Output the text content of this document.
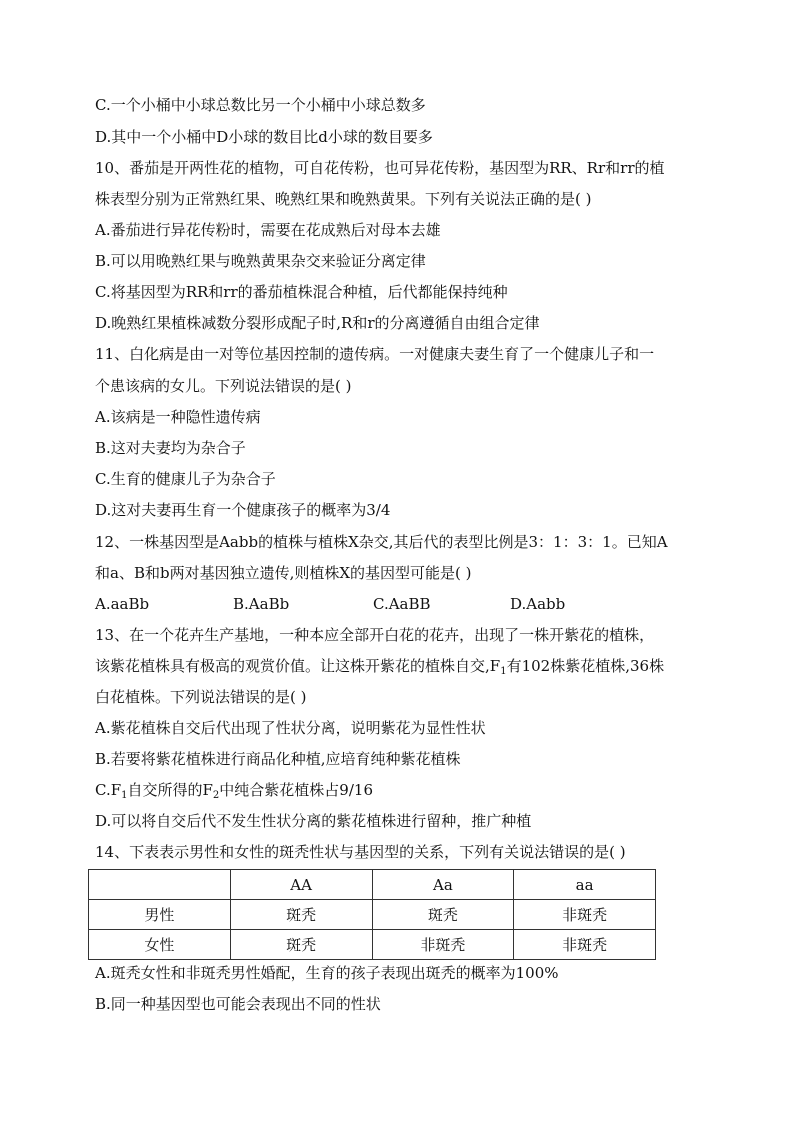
C.一个小桶中小球总数比另一个小桶中小球总数多
D.其中一个小桶中D小球的数目比d小球的数目要多
10、番茄是开两性花的植物，可自花传粉，也可异花传粉，基因型为RR、Rr和rr的植
株表型分别为正常熟红果、晚熟红果和晚熟黄果。下列有关说法正确的是( )
A.番茄进行异花传粉时，需要在花成熟后对母本去雄
B.可以用晚熟红果与晚熟黄果杂交来验证分离定律
C.将基因型为RR和rr的番茄植株混合种植，后代都能保持纯种
D.晚熟红果植株减数分裂形成配子时,R和r的分离遵循自由组合定律
11、白化病是由一对等位基因控制的遗传病。一对健康夫妻生育了一个健康儿子和一
个患该病的女儿。下列说法错误的是( )
A.该病是一种隐性遗传病
B.这对夫妻均为杂合子
C.生育的健康儿子为杂合子
D.这对夫妻再生育一个健康孩子的概率为3/4
12、一株基因型是Aabb的植株与植株X杂交,其后代的表型比例是3：1：3：1。已知A
和a、B和b两对基因独立遗传,则植株X的基因型可能是( )
A.aaBb	B.AaBb	C.AaBB	D.Aabb
13、在一个花卉生产基地，一种本应全部开白花的花卉，出现了一株开紫花的植株，
该紫花植株具有极高的观赏价值。让这株开紫花的植株自交$,F_1$有102株紫花植株,36株
白花植株。下列说法错误的是( )
A.紫花植株自交后代出现了性状分离，说明紫花为显性性状
B.若要将紫花植株进行商品化种植,应培育纯种紫花植株
$C.F_1$自交所得的$F_2$中纯合紫花植株占9/16
D.可以将自交后代不发生性状分离的紫花植株进行留种，推广种植
14、下表表示男性和女性的斑秃性状与基因型的关系，下列有关说法错误的是( )
	AA	Aa	aa
男性	斑秃	斑秃	非斑秃
女性	斑秃	非斑秃	非斑秃
A.斑秃女性和非斑秃男性婚配，生育的孩子表现出斑秃的概率为100%
B.同一种基因型也可能会表现出不同的性状
